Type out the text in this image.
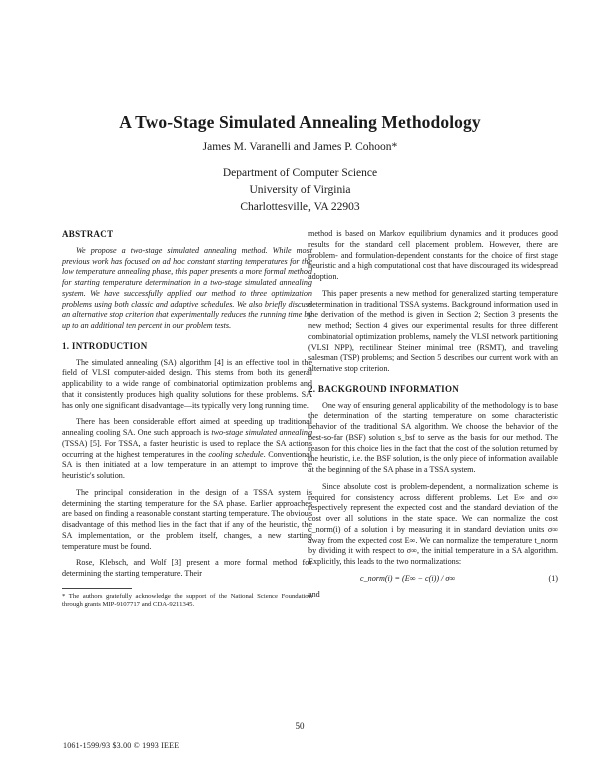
A Two-Stage Simulated Annealing Methodology
James M. Varanelli and James P. Cohoon*
Department of Computer Science
University of Virginia
Charlottesville, VA 22903
ABSTRACT

We propose a two-stage simulated annealing method. While most previous work has focused on ad hoc constant starting temperatures for the low temperature annealing phase, this paper presents a more formal method for starting temperature determination in a two-stage simulated annealing system. We have successfully applied our method to three optimization problems using both classic and adaptive schedules. We also briefly discuss an alternative stop criterion that experimentally reduces the running time by up to an additional ten percent in our problem tests.

1. INTRODUCTION

The simulated annealing (SA) algorithm [4] is an effective tool in the field of VLSI computer-aided design. This stems from both its general applicability to a wide range of combinatorial optimization problems and that it consistently produces high quality solutions for these problems. SA has only one significant disadvantage—its typically very long running time.

There has been considerable effort aimed at speeding up traditional annealing cooling SA. One such approach is two-stage simulated annealing (TSSA) [5]. For TSSA, a faster heuristic is used to replace the SA actions occurring at the highest temperatures in the cooling schedule. Conventional SA is then initiated at a low temperature in an attempt to improve the heuristic's solution.

The principal consideration in the design of a TSSA system is determining the starting temperature for the SA phase. Earlier approaches are based on finding a reasonable constant starting temperature. The obvious disadvantage of this method lies in the fact that if any of the heuristic, the SA implementation, or the problem itself, changes, a new starting temperature must be found.

Rose, Klebsch, and Wolf [3] present a more formal method for determining the starting temperature. Their

* The authors gratefully acknowledge the support of the National Science Foundation through grants MIP-9107717 and CDA-9211345.

method is based on Markov equilibrium dynamics and it produces good results for the standard cell placement problem. However, there are problem- and formulation-dependent constants for the choice of first stage heuristic and a high computational cost that have discouraged its widespread adoption.

This paper presents a new method for generalized starting temperature determination in traditional TSSA systems. Background information used in the derivation of the method is given in Section 2; Section 3 presents the new method; Section 4 gives our experimental results for three different combinatorial optimization problems, namely the VLSI network partitioning (VLSI NPP), rectilinear Steiner minimal tree (RSMT), and traveling salesman (TSP) problems; and Section 5 describes our current work with an alternative stop criterion.

2. BACKGROUND INFORMATION

One way of ensuring general applicability of the methodology is to base the determination of the starting temperature on some characteristic behavior of the traditional SA algorithm. We choose the behavior of the best-so-far (BSF) solution s_bsf to serve as the basis for our method. The reason for this choice lies in the fact that the cost of the solution returned by the heuristic, i.e. the BSF solution, is the only piece of information available at the beginning of the SA phase in a TSSA system.

Since absolute cost is problem-dependent, a normalization scheme is required for consistency across different problems. Let E∞ and σ∞ respectively represent the expected cost and the standard deviation of the cost over all solutions in the state space. We can normalize the cost c_norm(i) of a solution i by measuring it in standard deviation units σ∞ away from the expected cost E∞. We can normalize the temperature t_norm by dividing it with respect to σ∞, the initial temperature in a SA algorithm. Explicitly, this leads to the two normalizations:

c_norm(i) = (E∞ − c(i)) / σ∞	(1)

and

50
1061-1599/93 $3.00 © 1993 IEEE
